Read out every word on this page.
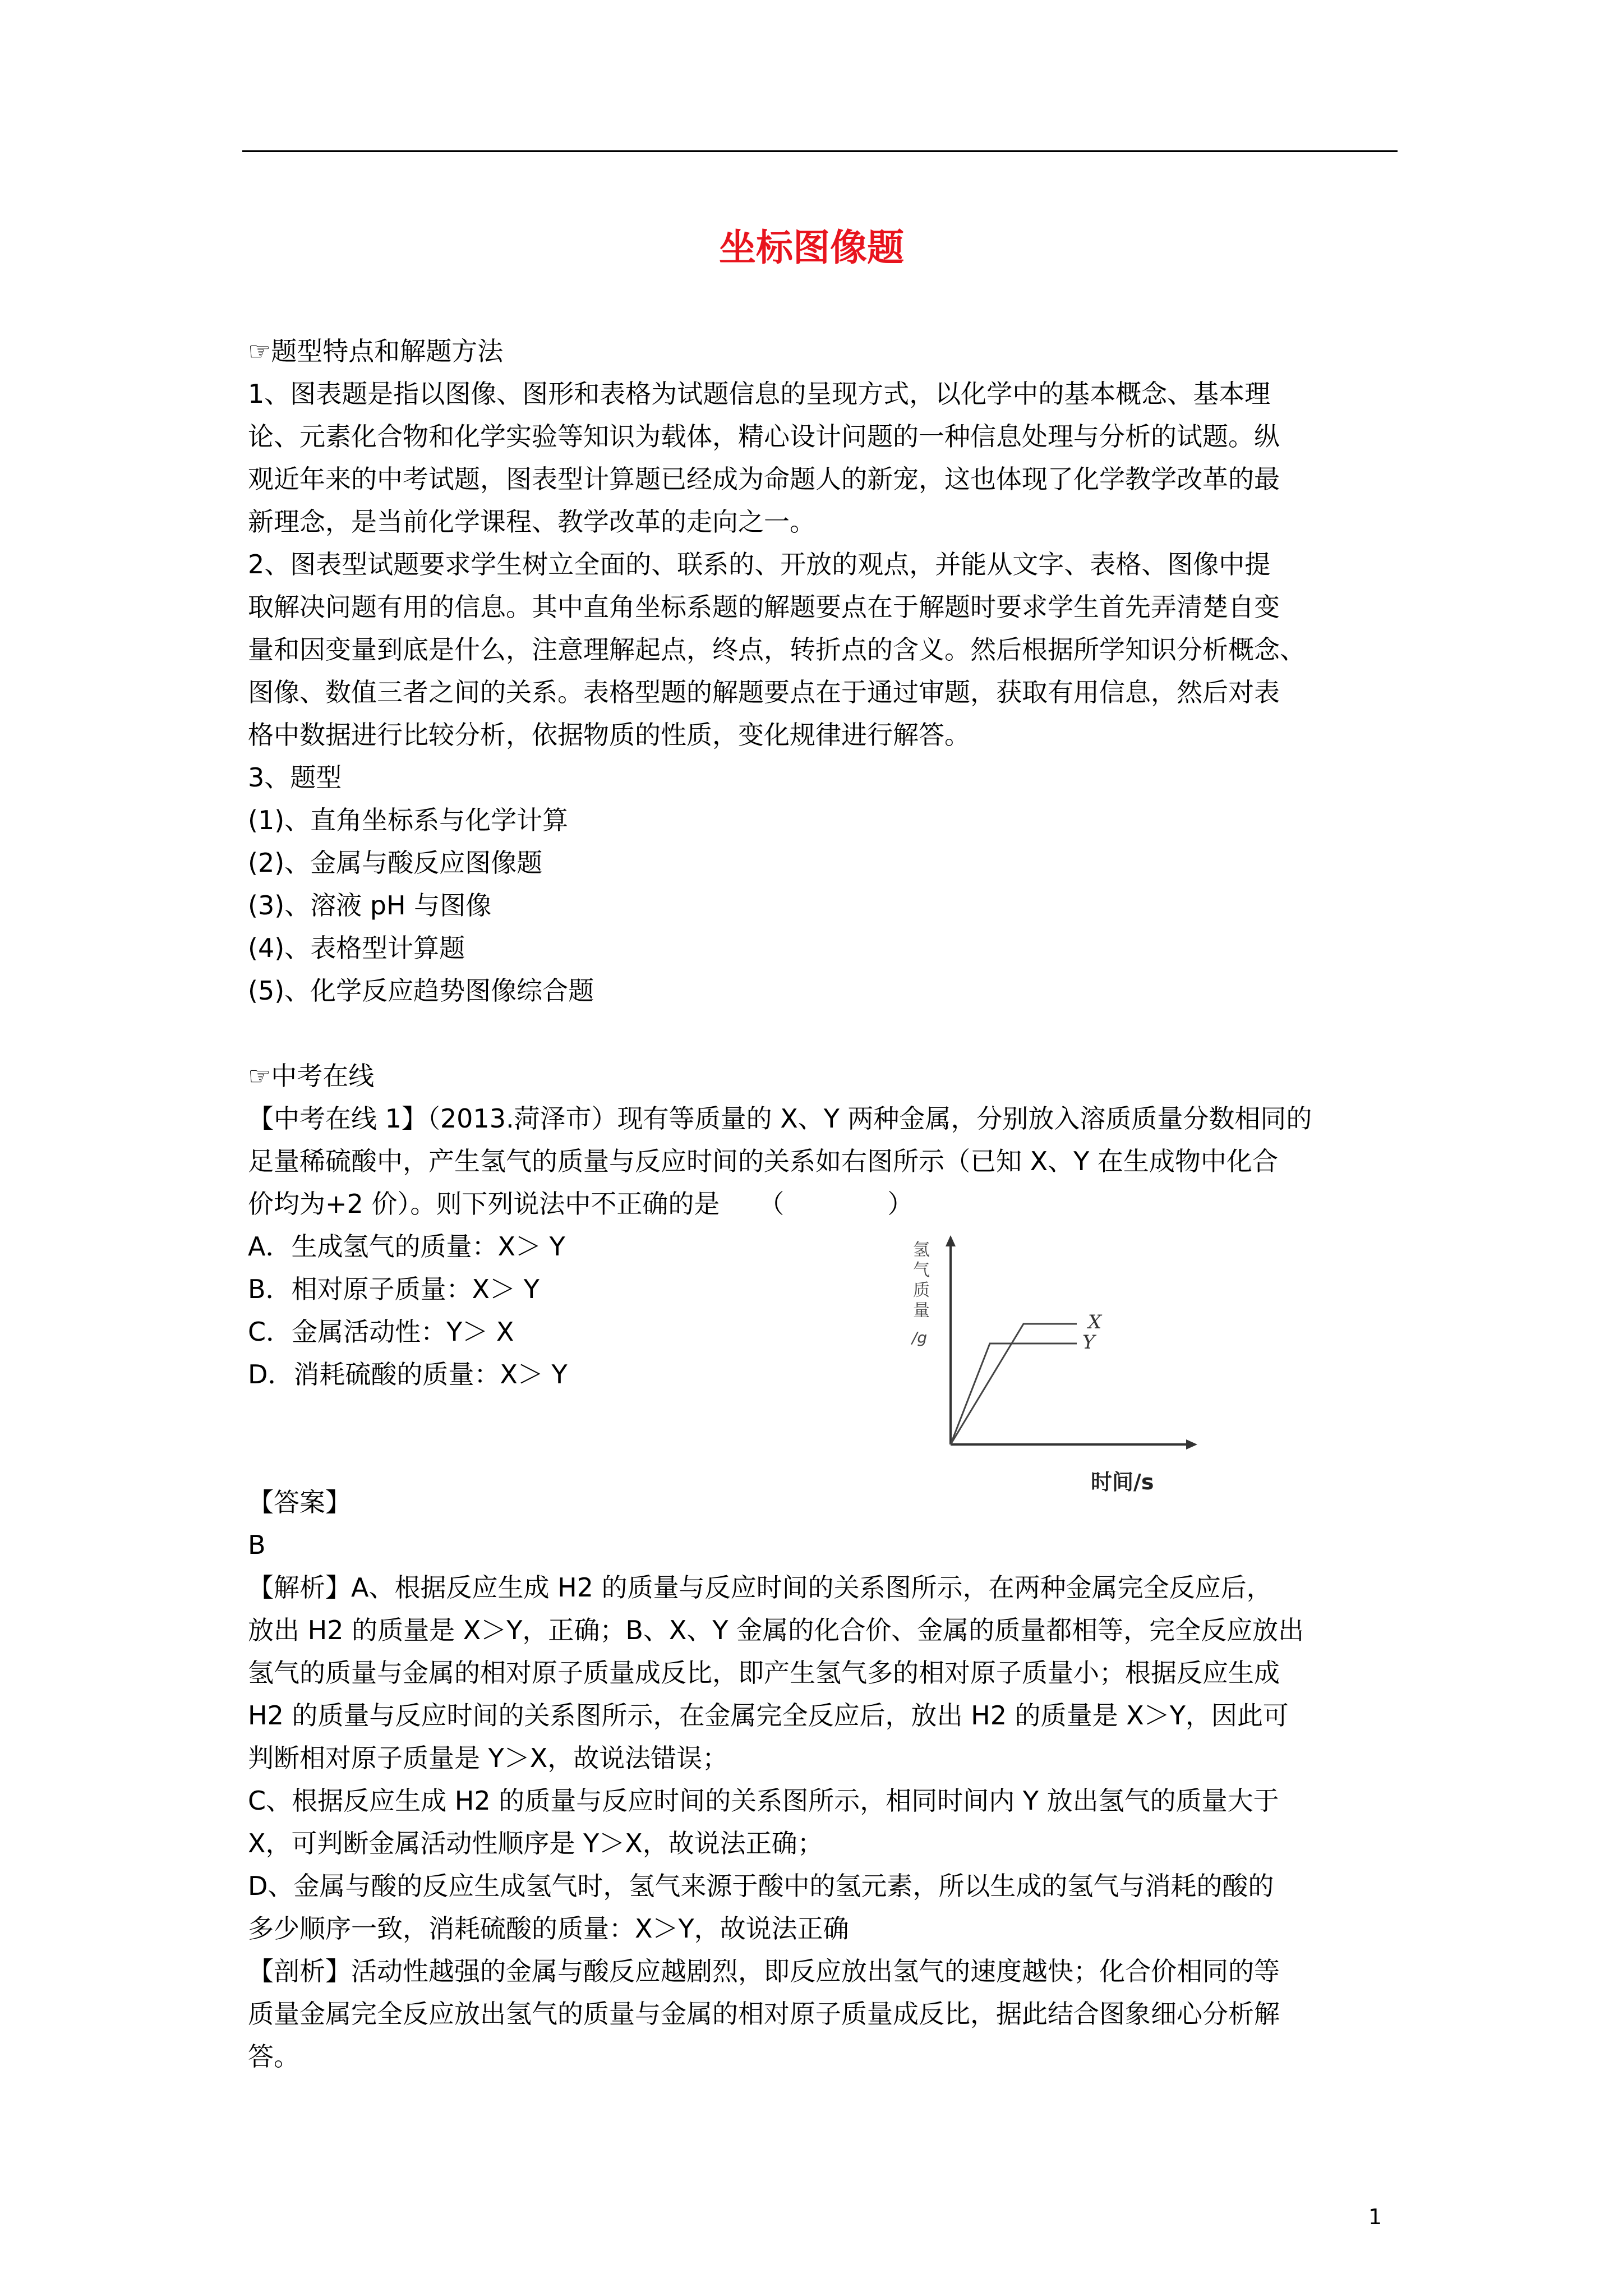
坐标图像题
☞题型特点和解题方法
1、图表题是指以图像、图形和表格为试题信息的呈现方式，以化学中的基本概念、基本理
论、元素化合物和化学实验等知识为载体，精心设计问题的一种信息处理与分析的试题。纵
观近年来的中考试题，图表型计算题已经成为命题人的新宠，这也体现了化学教学改革的最
新理念，是当前化学课程、教学改革的走向之一。
2、图表型试题要求学生树立全面的、联系的、开放的观点，并能从文字、表格、图像中提
取解决问题有用的信息。其中直角坐标系题的解题要点在于解题时要求学生首先弄清楚自变
量和因变量到底是什么，注意理解起点，终点，转折点的含义。然后根据所学知识分析概念、
图像、数值三者之间的关系。表格型题的解题要点在于通过审题，获取有用信息，然后对表
格中数据进行比较分析，依据物质的性质，变化规律进行解答。
3、题型
(1)、直角坐标系与化学计算
(2)、金属与酸反应图像题
(3)、溶液 pH 与图像
(4)、表格型计算题
(5)、化学反应趋势图像综合题
☞中考在线
【中考在线 1】（2013.菏泽市）现有等质量的 X、Y 两种金属，分别放入溶质质量分数相同的
足量稀硫酸中，产生氢气的质量与反应时间的关系如右图所示（已知 X、Y 在生成物中化合
价均为+2 价）。则下列说法中不正确的是　　（　　　　）
A．生成氢气的质量：X＞ Y
B．相对原子质量：X＞ Y
C．金属活动性：Y＞ X
D．消耗硫酸的质量：X＞ Y
【答案】
B
【解析】A、根据反应生成 H2 的质量与反应时间的关系图所示，在两种金属完全反应后，
放出 H2 的质量是 X＞Y，正确；B、X、Y 金属的化合价、金属的质量都相等，完全反应放出
氢气的质量与金属的相对原子质量成反比，即产生氢气多的相对原子质量小；根据反应生成
H2 的质量与反应时间的关系图所示，在金属完全反应后，放出 H2 的质量是 X＞Y，因此可
判断相对原子质量是 Y＞X，故说法错误；
C、根据反应生成 H2 的质量与反应时间的关系图所示，相同时间内 Y 放出氢气的质量大于
X，可判断金属活动性顺序是 Y＞X，故说法正确；
D、金属与酸的反应生成氢气时，氢气来源于酸中的氢元素，所以生成的氢气与消耗的酸的
多少顺序一致，消耗硫酸的质量：X＞Y，故说法正确
【剖析】活动性越强的金属与酸反应越剧烈，即反应放出氢气的速度越快；化合价相同的等
质量金属完全反应放出氢气的质量与金属的相对原子质量成反比，据此结合图象细心分析解
答。
氢
气
质
量
/g
X
Y
时间/s
1
